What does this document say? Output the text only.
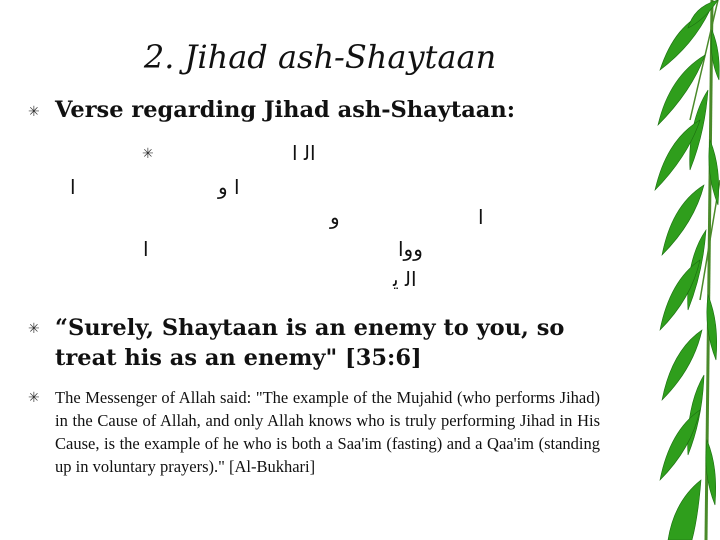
2. Jihad ash-Shaytaan
✳ Verse regarding Jihad ash-Shaytaan:
✳	ﺍﻟ ﺍ
ﺍ	ﺍ ﻭ
ﻭ	ﺍ
ﺍ	ﻭﻭﺍ
ﺍﻟ ﻳ
✳ “Surely, Shaytaan is an enemy to you, so treat his as an enemy" [35:6]
✳ The Messenger of Allah said: "The example of the Mujahid (who performs Jihad) in the Cause of Allah, and only Allah knows who is truly performing Jihad in His Cause, is the example of he who is both a Saa'im (fasting) and a Qaa'im (standing up in voluntary prayers)." [Al-Bukhari]
